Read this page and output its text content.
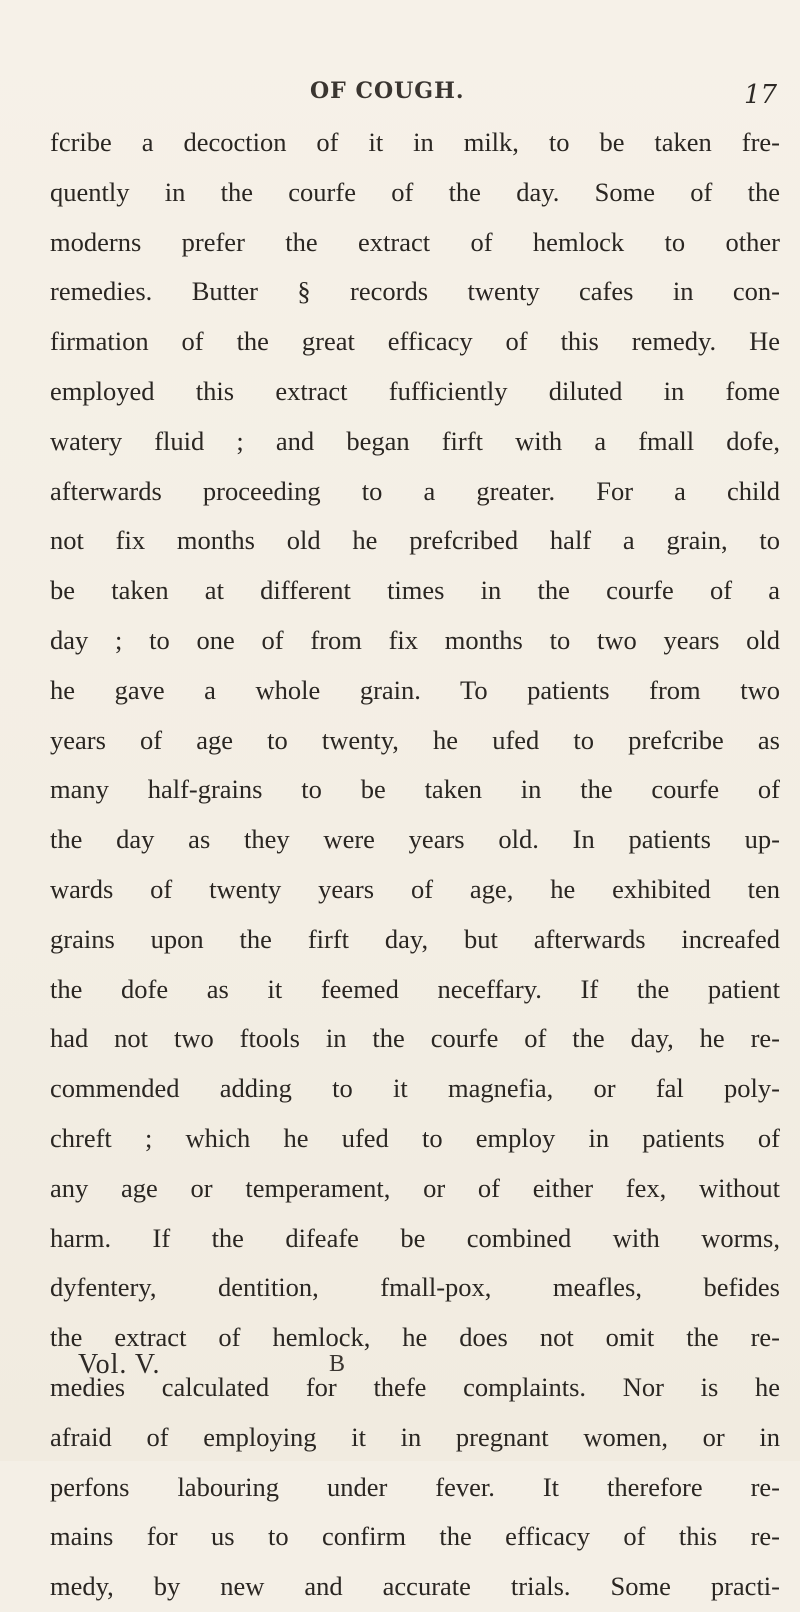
OF COUGH.	17
fcribe a decoction of it in milk, to be taken fre-
quently in the courfe of the day. Some of the
moderns prefer the extract of hemlock to other
remedies. Butter § records twenty cafes in con-
firmation of the great efficacy of this remedy. He
employed this extract fufficiently diluted in fome
watery fluid ; and began firft with a fmall dofe,
afterwards proceeding to a greater. For a child
not fix months old he prefcribed half a grain, to
be taken at different times in the courfe of a
day ; to one of from fix months to two years old
he gave a whole grain. To patients from two
years of age to twenty, he ufed to prefcribe as
many half-grains to be taken in the courfe of
the day as they were years old. In patients up-
wards of twenty years of age, he exhibited ten
grains upon the firft day, but afterwards increafed
the dofe as it feemed neceffary. If the patient
had not two ftools in the courfe of the day, he re-
commended adding to it magnefia, or fal poly-
chreft ; which he ufed to employ in patients of
any age or temperament, or of either fex, without
harm. If the difeafe be combined with worms,
dyfentery, dentition, fmall-pox, meafles, befides
the extract of hemlock, he does not omit the re-
medies calculated for thefe complaints. Nor is he
afraid of employing it in pregnant women, or in
perfons labouring under fever. It therefore re-
mains for us to confirm the efficacy of this re-
medy, by new and accurate trials. Some practi-
Vol. V.	B
